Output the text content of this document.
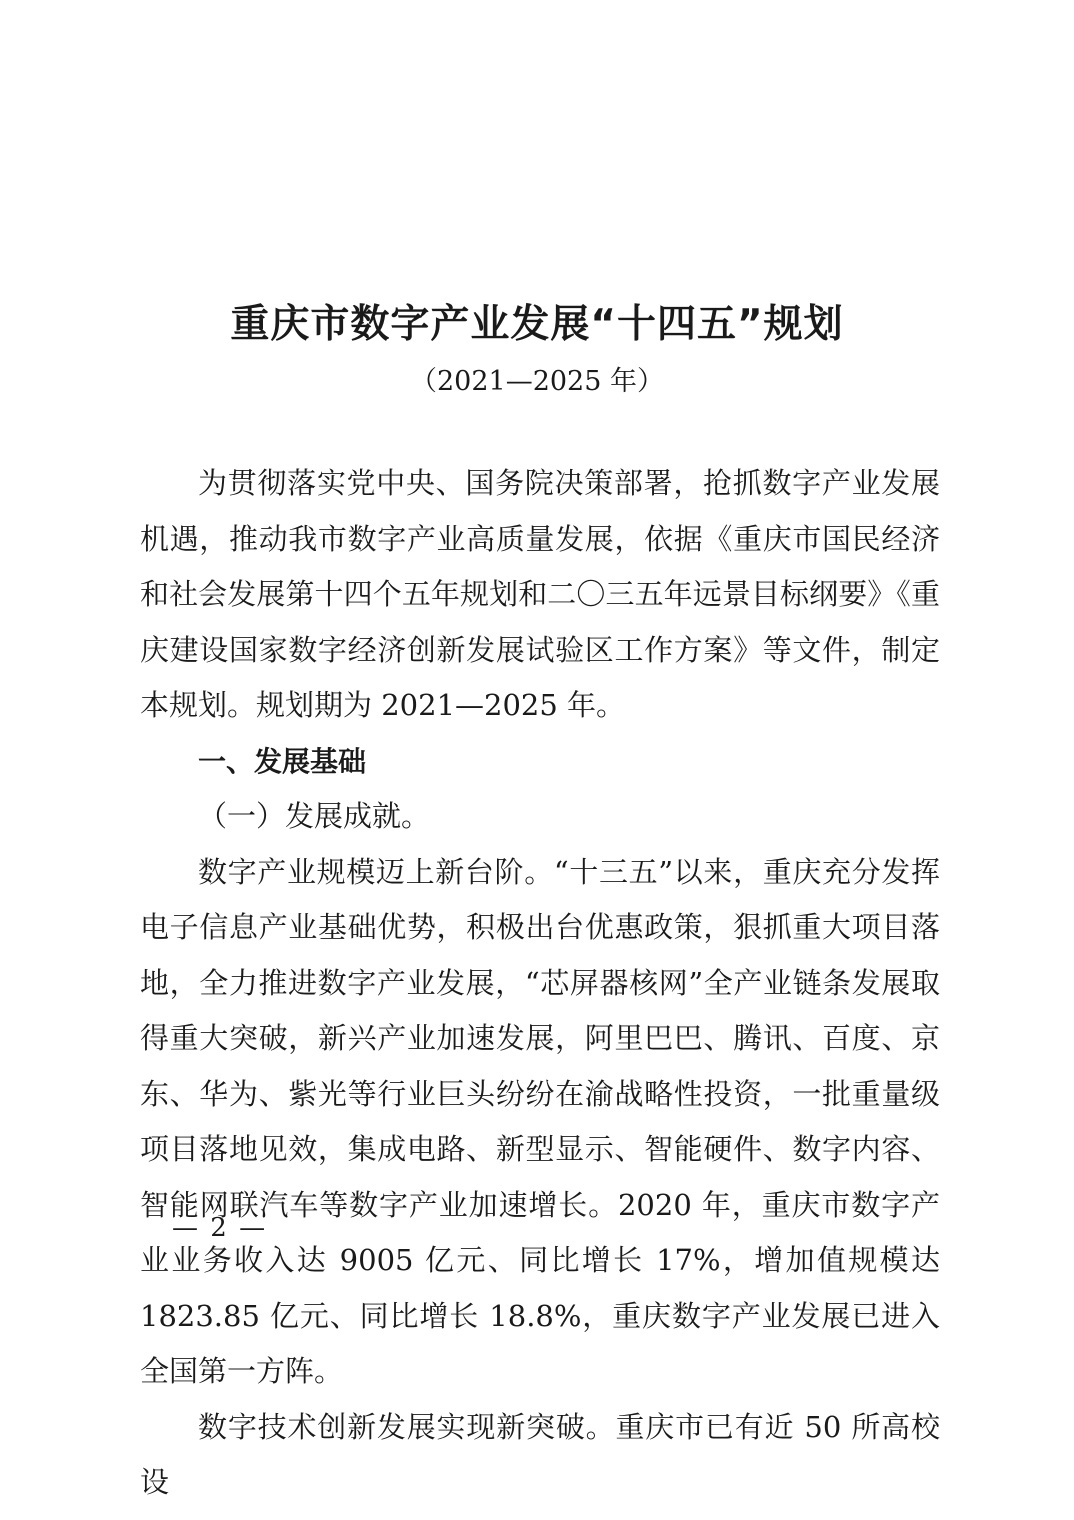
重庆市数字产业发展“十四五”规划
（2021—2025 年）

为贯彻落实党中央、国务院决策部署，抢抓数字产业发展机遇，推动我市数字产业高质量发展，依据《重庆市国民经济和社会发展第十四个五年规划和二〇三五年远景目标纲要》《重庆建设国家数字经济创新发展试验区工作方案》等文件，制定本规划。规划期为 2021—2025 年。

一、发展基础
（一）发展成就。

数字产业规模迈上新台阶。“十三五”以来，重庆充分发挥电子信息产业基础优势，积极出台优惠政策，狠抓重大项目落地，全力推进数字产业发展，“芯屏器核网”全产业链条发展取得重大突破，新兴产业加速发展，阿里巴巴、腾讯、百度、京东、华为、紫光等行业巨头纷纷在渝战略性投资，一批重量级项目落地见效，集成电路、新型显示、智能硬件、数字内容、智能网联汽车等数字产业加速增长。2020 年，重庆市数字产业业务收入达 9005 亿元、同比增长 17%，增加值规模达 1823.85 亿元、同比增长 18.8%，重庆数字产业发展已进入全国第一方阵。

数字技术创新发展实现新突破。重庆市已有近 50 所高校设

— 2 —
